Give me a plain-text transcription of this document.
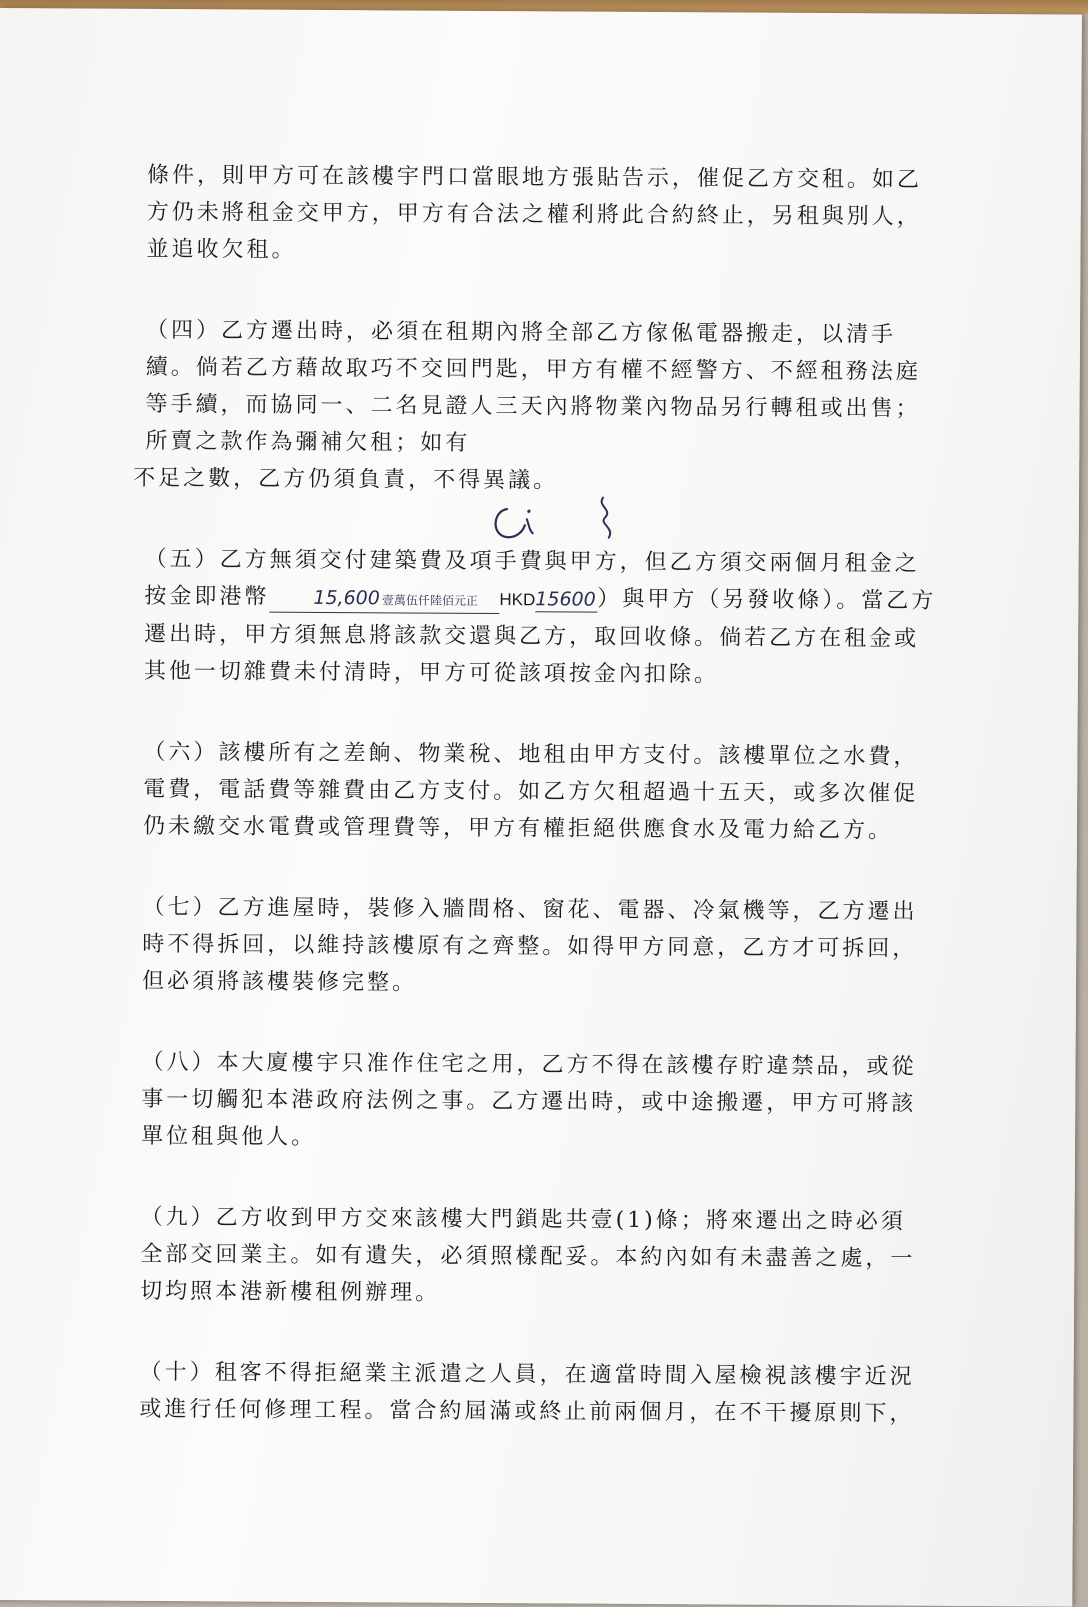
條件，則甲方可在該樓宇門口當眼地方張貼告示，催促乙方交租。如乙
方仍未將租金交甲方，甲方有合法之權利將此合約終止，另租與別人，
並追收欠租。
（四）乙方遷出時，必須在租期內將全部乙方傢俬電器搬走，以清手
續。倘若乙方藉故取巧不交回門匙，甲方有權不經警方、不經租務法庭
等手續，而協同一、二名見證人三天內將物業內物品另行轉租或出售；
所賣之款作為彌補欠租；如有
不足之數，乙方仍須負責，不得異議。
（五）乙方無須交付建築費及項手費與甲方，但乙方須交兩個月租金之
按金即港幣 15,600 壹萬伍仟陸佰元正 HKD15600）與甲方（另發收條）。當乙方
遷出時，甲方須無息將該款交還與乙方，取回收條。倘若乙方在租金或
其他一切雜費未付清時，甲方可從該項按金內扣除。
（六）該樓所有之差餉、物業稅、地租由甲方支付。該樓單位之水費，
電費，電話費等雜費由乙方支付。如乙方欠租超過十五天，或多次催促
仍未繳交水電費或管理費等，甲方有權拒絕供應食水及電力給乙方。
（七）乙方進屋時，裝修入牆間格、窗花、電器、冷氣機等，乙方遷出
時不得拆回，以維持該樓原有之齊整。如得甲方同意，乙方才可拆回，
但必須將該樓裝修完整。
（八）本大廈樓宇只准作住宅之用，乙方不得在該樓存貯違禁品，或從
事一切觸犯本港政府法例之事。乙方遷出時，或中途搬遷，甲方可將該
單位租與他人。
（九）乙方收到甲方交來該樓大門鎖匙共壹(1)條；將來遷出之時必須
全部交回業主。如有遺失，必須照樣配妥。本約內如有未盡善之處，一
切均照本港新樓租例辦理。
（十）租客不得拒絕業主派遣之人員，在適當時間入屋檢視該樓宇近況
或進行任何修理工程。當合約屆滿或終止前兩個月，在不干擾原則下，
